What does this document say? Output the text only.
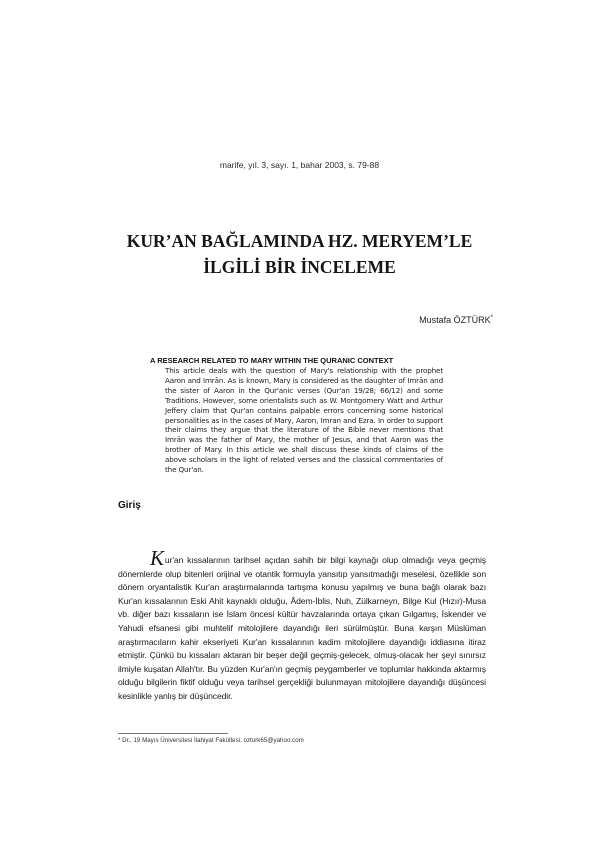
marife, yıl. 3, sayı. 1, bahar 2003, s. 79-88
KUR’AN BAĞLAMINDA HZ. MERYEM’LE
İLGİLİ BİR İNCELEME
Mustafa ÖZTÜRK*
A RESEARCH RELATED TO MARY WITHIN THE QURANIC CONTEXT
This article deals with the question of Mary's relationship with the prophet Aaron and Imrān. As is known, Mary is considered as the daughter of Imrān and the sister of Aaron in the Qur'anic verses (Qur'an 19/28; 66/12) and some Traditions. However, some orientalists such as W. Montgomery Watt and Arthur Jeffery claim that Qur'an contains palpable errors concerning some historical personalities as in the cases of Mary, Aaron, Imran and Ezra. In order to support their claims they argue that the literature of the Bible never mentions that Imrān was the father of Mary, the mother of Jesus, and that Aaron was the brother of Mary. In this article we shall discuss these kinds of claims of the above scholars in the light of related verses and the classical commentaries of the Qur'an.
Giriş
Kur'an kıssalarının tarihsel açıdan sahih bir bilgi kaynağı olup olmadığı veya geçmiş dönemlerde olup bitenleri orijinal ve otantik formuyla yansıtıp yansıtmadığı meselesi, özellikle son dönem oryantalistik Kur'an araştırmalarında tartışma konusu yapılmış ve buna bağlı olarak bazı Kur'an kıssalarının Eski Ahit kaynaklı olduğu, Âdem-İblis, Nuh, Zülkarneyn, Bilge Kul (Hızır)-Musa vb. diğer bazı kıssaların ise İslam öncesi kültür havzalarında ortaya çıkan Gılgamış, İskender ve Yahudi efsanesi gibi muhtelif mitolojilere dayandığı ileri sürülmüştür. Buna karşın Müslüman araştırmacıların kahir ekseriyeti Kur'an kıssalarının kadim mitolojilere dayandığı iddiasına itiraz etmiştir. Çünkü bu kıssaları aktaran bir beşer değil geçmiş-gelecek, olmuş-olacak her şeyi sınırsız ilmiyle kuşatan Allah'tır. Bu yüzden Kur'an'ın geçmiş peygamberler ve toplumlar hakkında aktarmış olduğu bilgilerin fiktif olduğu veya tarihsel gerçekliği bulunmayan mitolojilere dayandığı düşüncesi kesinlikle yanlış bir düşüncedir.
* Dr., 19 Mayıs Üniversitesi İlahiyat Fakültesi, ozturk65@yahoo.com
